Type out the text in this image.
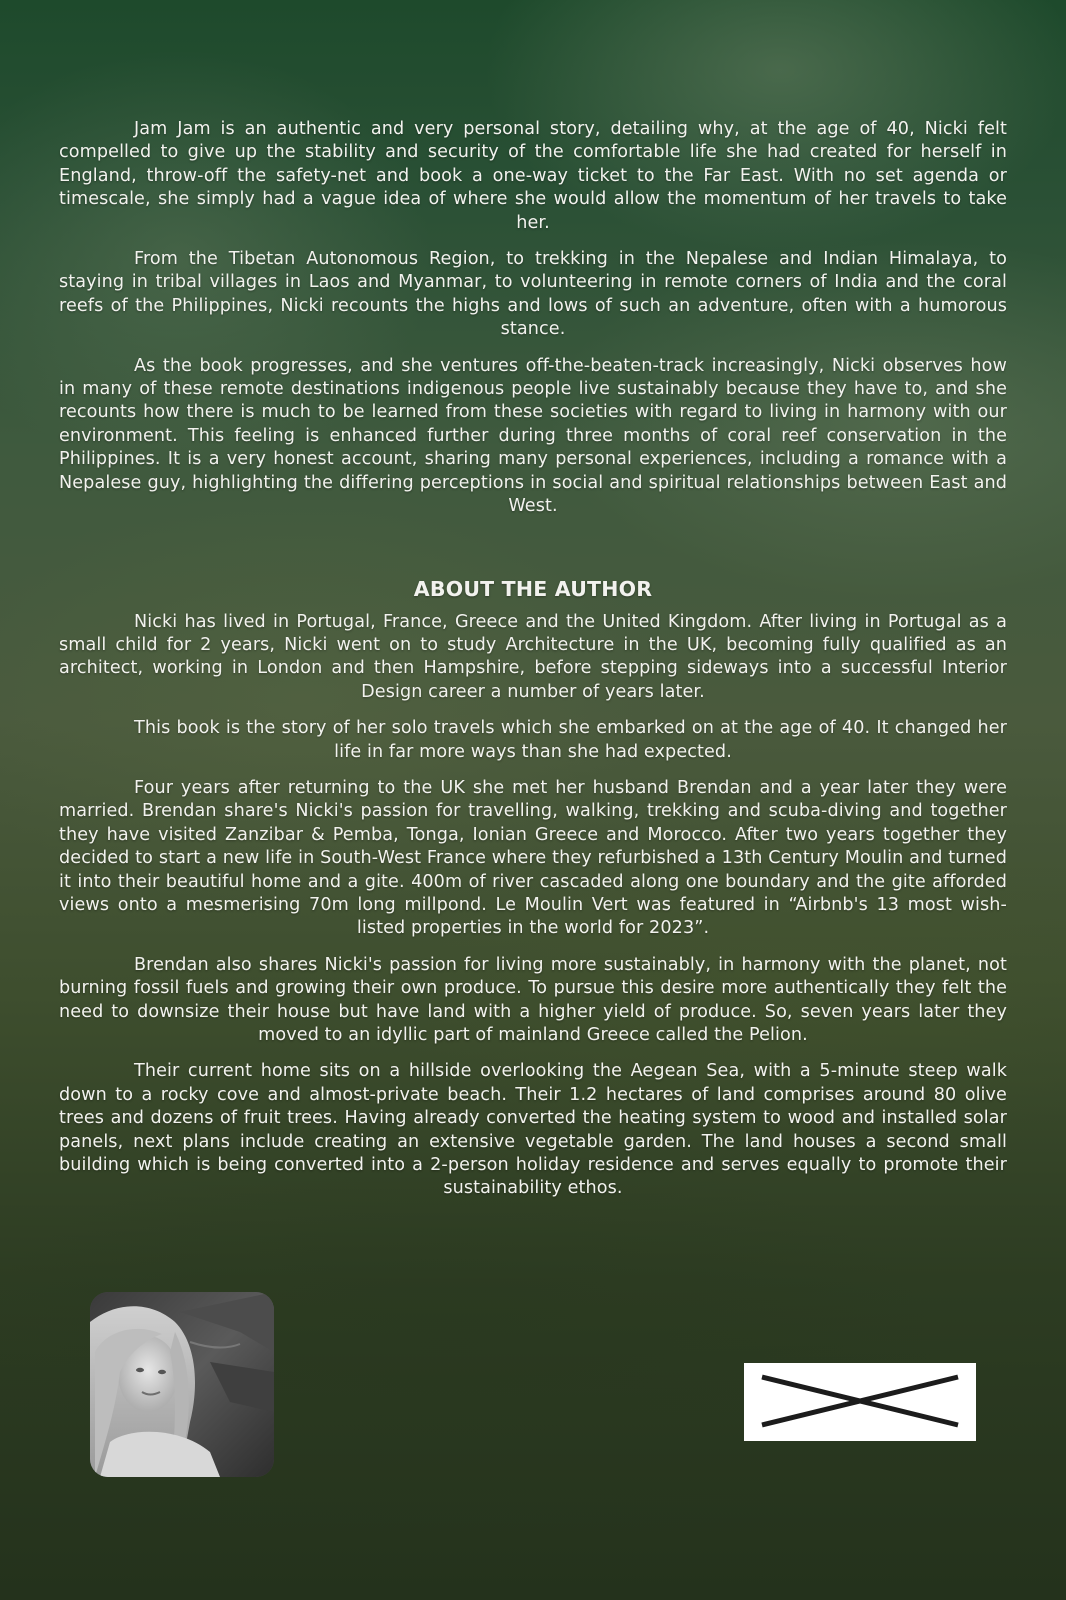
Jam Jam is an authentic and very personal story, detailing why, at the age of 40, Nicki felt compelled to give up the stability and security of the comfortable life she had created for herself in England, throw-off the safety-net and book a one-way ticket to the Far East. With no set agenda or timescale, she simply had a vague idea of where she would allow the momentum of her travels to take her.

From the Tibetan Autonomous Region, to trekking in the Nepalese and Indian Himalaya, to staying in tribal villages in Laos and Myanmar, to volunteering in remote corners of India and the coral reefs of the Philippines, Nicki recounts the highs and lows of such an adventure, often with a humorous stance.

As the book progresses, and she ventures off-the-beaten-track increasingly, Nicki observes how in many of these remote destinations indigenous people live sustainably because they have to, and she recounts how there is much to be learned from these societies with regard to living in harmony with our environment. This feeling is enhanced further during three months of coral reef conservation in the Philippines. It is a very honest account, sharing many personal experiences, including a romance with a Nepalese guy, highlighting the differing perceptions in social and spiritual relationships between East and West.

ABOUT THE AUTHOR

Nicki has lived in Portugal, France, Greece and the United Kingdom. After living in Portugal as a small child for 2 years, Nicki went on to study Architecture in the UK, becoming fully qualified as an architect, working in London and then Hampshire, before stepping sideways into a successful Interior Design career a number of years later.

This book is the story of her solo travels which she embarked on at the age of 40. It changed her life in far more ways than she had expected.

Four years after returning to the UK she met her husband Brendan and a year later they were married. Brendan share's Nicki's passion for travelling, walking, trekking and scuba-diving and together they have visited Zanzibar & Pemba, Tonga, Ionian Greece and Morocco. After two years together they decided to start a new life in South-West France where they refurbished a 13th Century Moulin and turned it into their beautiful home and a gite. 400m of river cascaded along one boundary and the gite afforded views onto a mesmerising 70m long millpond. Le Moulin Vert was featured in “Airbnb's 13 most wish-listed properties in the world for 2023”.

Brendan also shares Nicki's passion for living more sustainably, in harmony with the planet, not burning fossil fuels and growing their own produce. To pursue this desire more authentically they felt the need to downsize their house but have land with a higher yield of produce. So, seven years later they moved to an idyllic part of mainland Greece called the Pelion.

Their current home sits on a hillside overlooking the Aegean Sea, with a 5-minute steep walk down to a rocky cove and almost-private beach. Their 1.2 hectares of land comprises around 80 olive trees and dozens of fruit trees. Having already converted the heating system to wood and installed solar panels, next plans include creating an extensive vegetable garden. The land houses a second small building which is being converted into a 2-person holiday residence and serves equally to promote their sustainability ethos.
